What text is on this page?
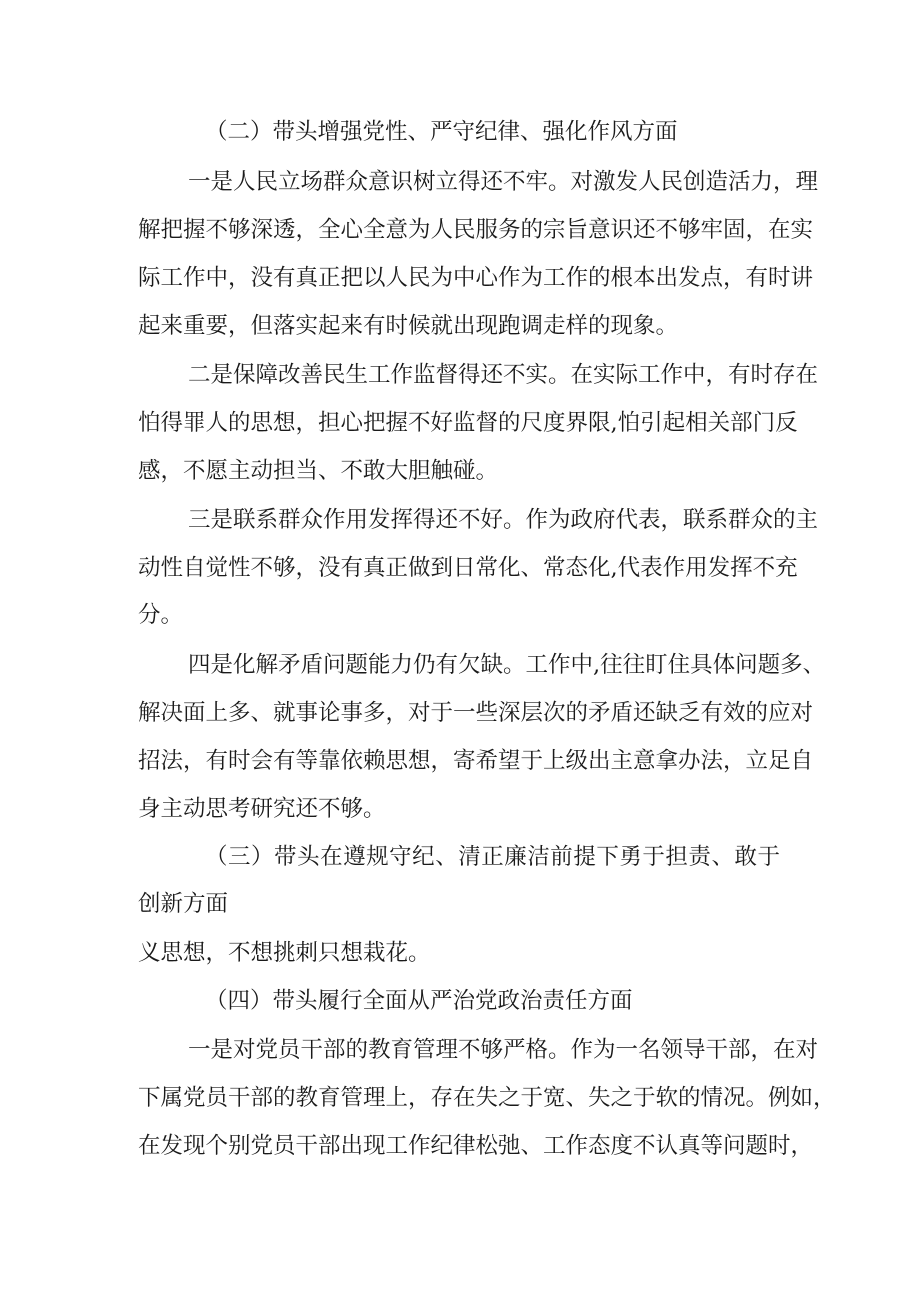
（二）带头增强党性、严守纪律、强化作风方面
一是人民立场群众意识树立得还不牢。对激发人民创造活力，理
解把握不够深透，全心全意为人民服务的宗旨意识还不够牢固，在实
际工作中，没有真正把以人民为中心作为工作的根本出发点，有时讲
起来重要，但落实起来有时候就出现跑调走样的现象。
二是保障改善民生工作监督得还不实。在实际工作中，有时存在
怕得罪人的思想，担心把握不好监督的尺度界限,怕引起相关部门反
感，不愿主动担当、不敢大胆触碰。
三是联系群众作用发挥得还不好。作为政府代表，联系群众的主
动性自觉性不够，没有真正做到日常化、常态化,代表作用发挥不充
分。
四是化解矛盾问题能力仍有欠缺。工作中,往往盯住具体问题多、
解决面上多、就事论事多，对于一些深层次的矛盾还缺乏有效的应对
招法，有时会有等靠依赖思想，寄希望于上级出主意拿办法，立足自
身主动思考研究还不够。
（三）带头在遵规守纪、清正廉洁前提下勇于担责、敢于
创新方面
义思想，不想挑刺只想栽花。
（四）带头履行全面从严治党政治责任方面
一是对党员干部的教育管理不够严格。作为一名领导干部，在对
下属党员干部的教育管理上，存在失之于宽、失之于软的情况。例如，
在发现个别党员干部出现工作纪律松弛、工作态度不认真等问题时，
